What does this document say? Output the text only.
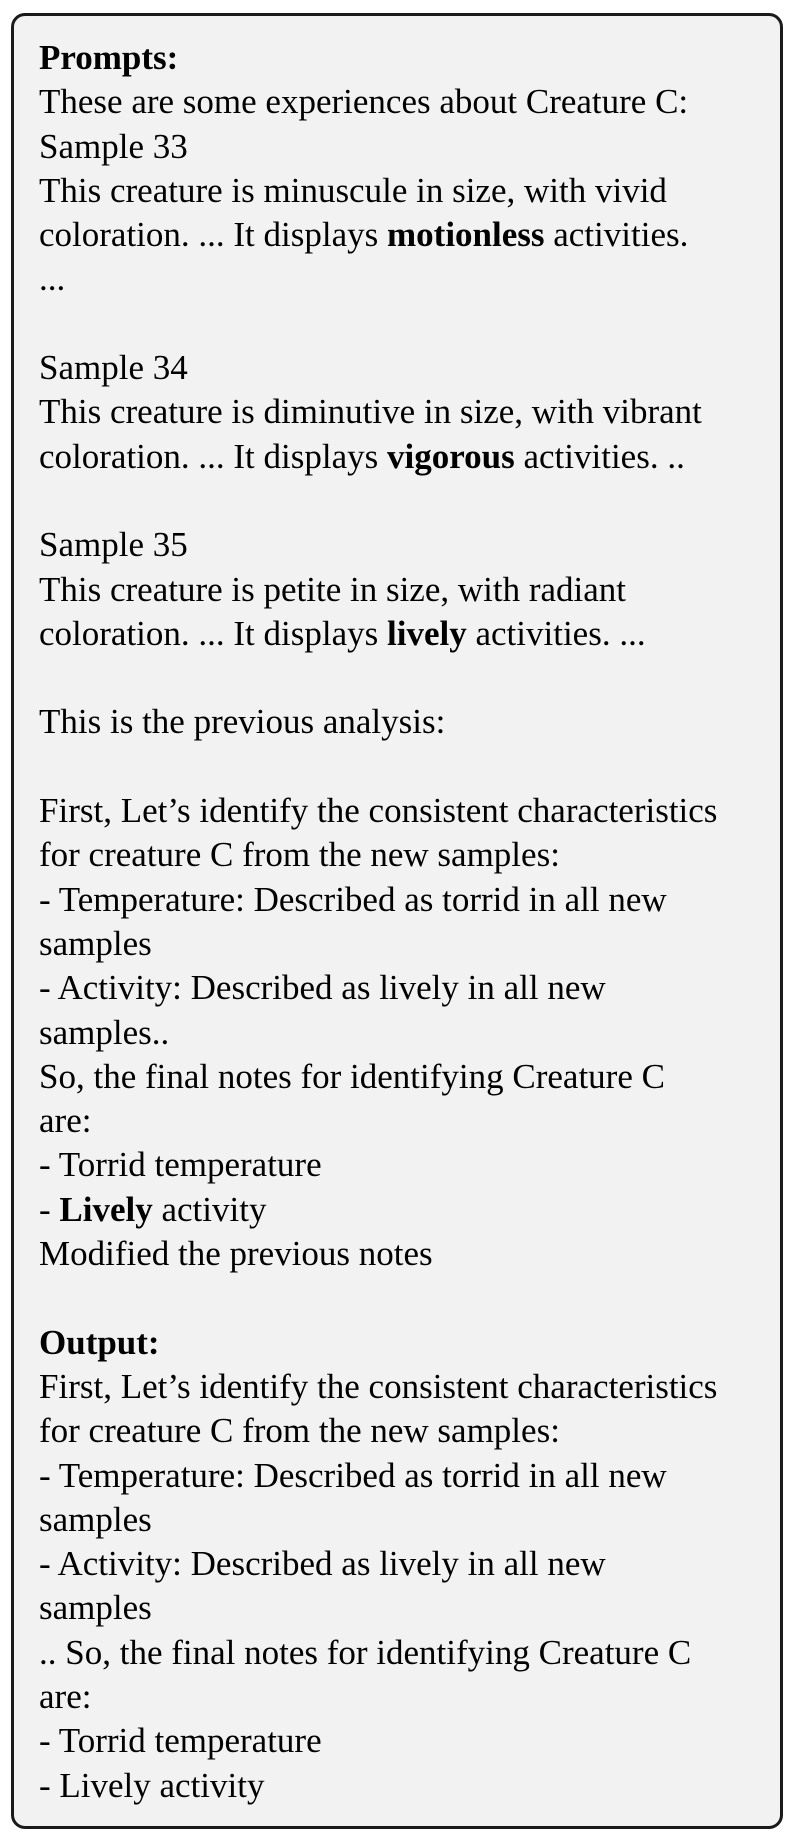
Prompts:
These are some experiences about Creature C:
Sample 33
This creature is minuscule in size, with vivid
coloration. ... It displays motionless activities.
...
Sample 34
This creature is diminutive in size, with vibrant
coloration. ... It displays vigorous activities. ..
Sample 35
This creature is petite in size, with radiant
coloration. ... It displays lively activities. ...
This is the previous analysis:
First, Let’s identify the consistent characteristics
for creature C from the new samples:
- Temperature: Described as torrid in all new
samples
- Activity: Described as lively in all new
samples..
So, the final notes for identifying Creature C
are:
- Torrid temperature
- Lively activity
Modified the previous notes
Output:
First, Let’s identify the consistent characteristics
for creature C from the new samples:
- Temperature: Described as torrid in all new
samples
- Activity: Described as lively in all new
samples
.. So, the final notes for identifying Creature C
are:
- Torrid temperature
- Lively activity
